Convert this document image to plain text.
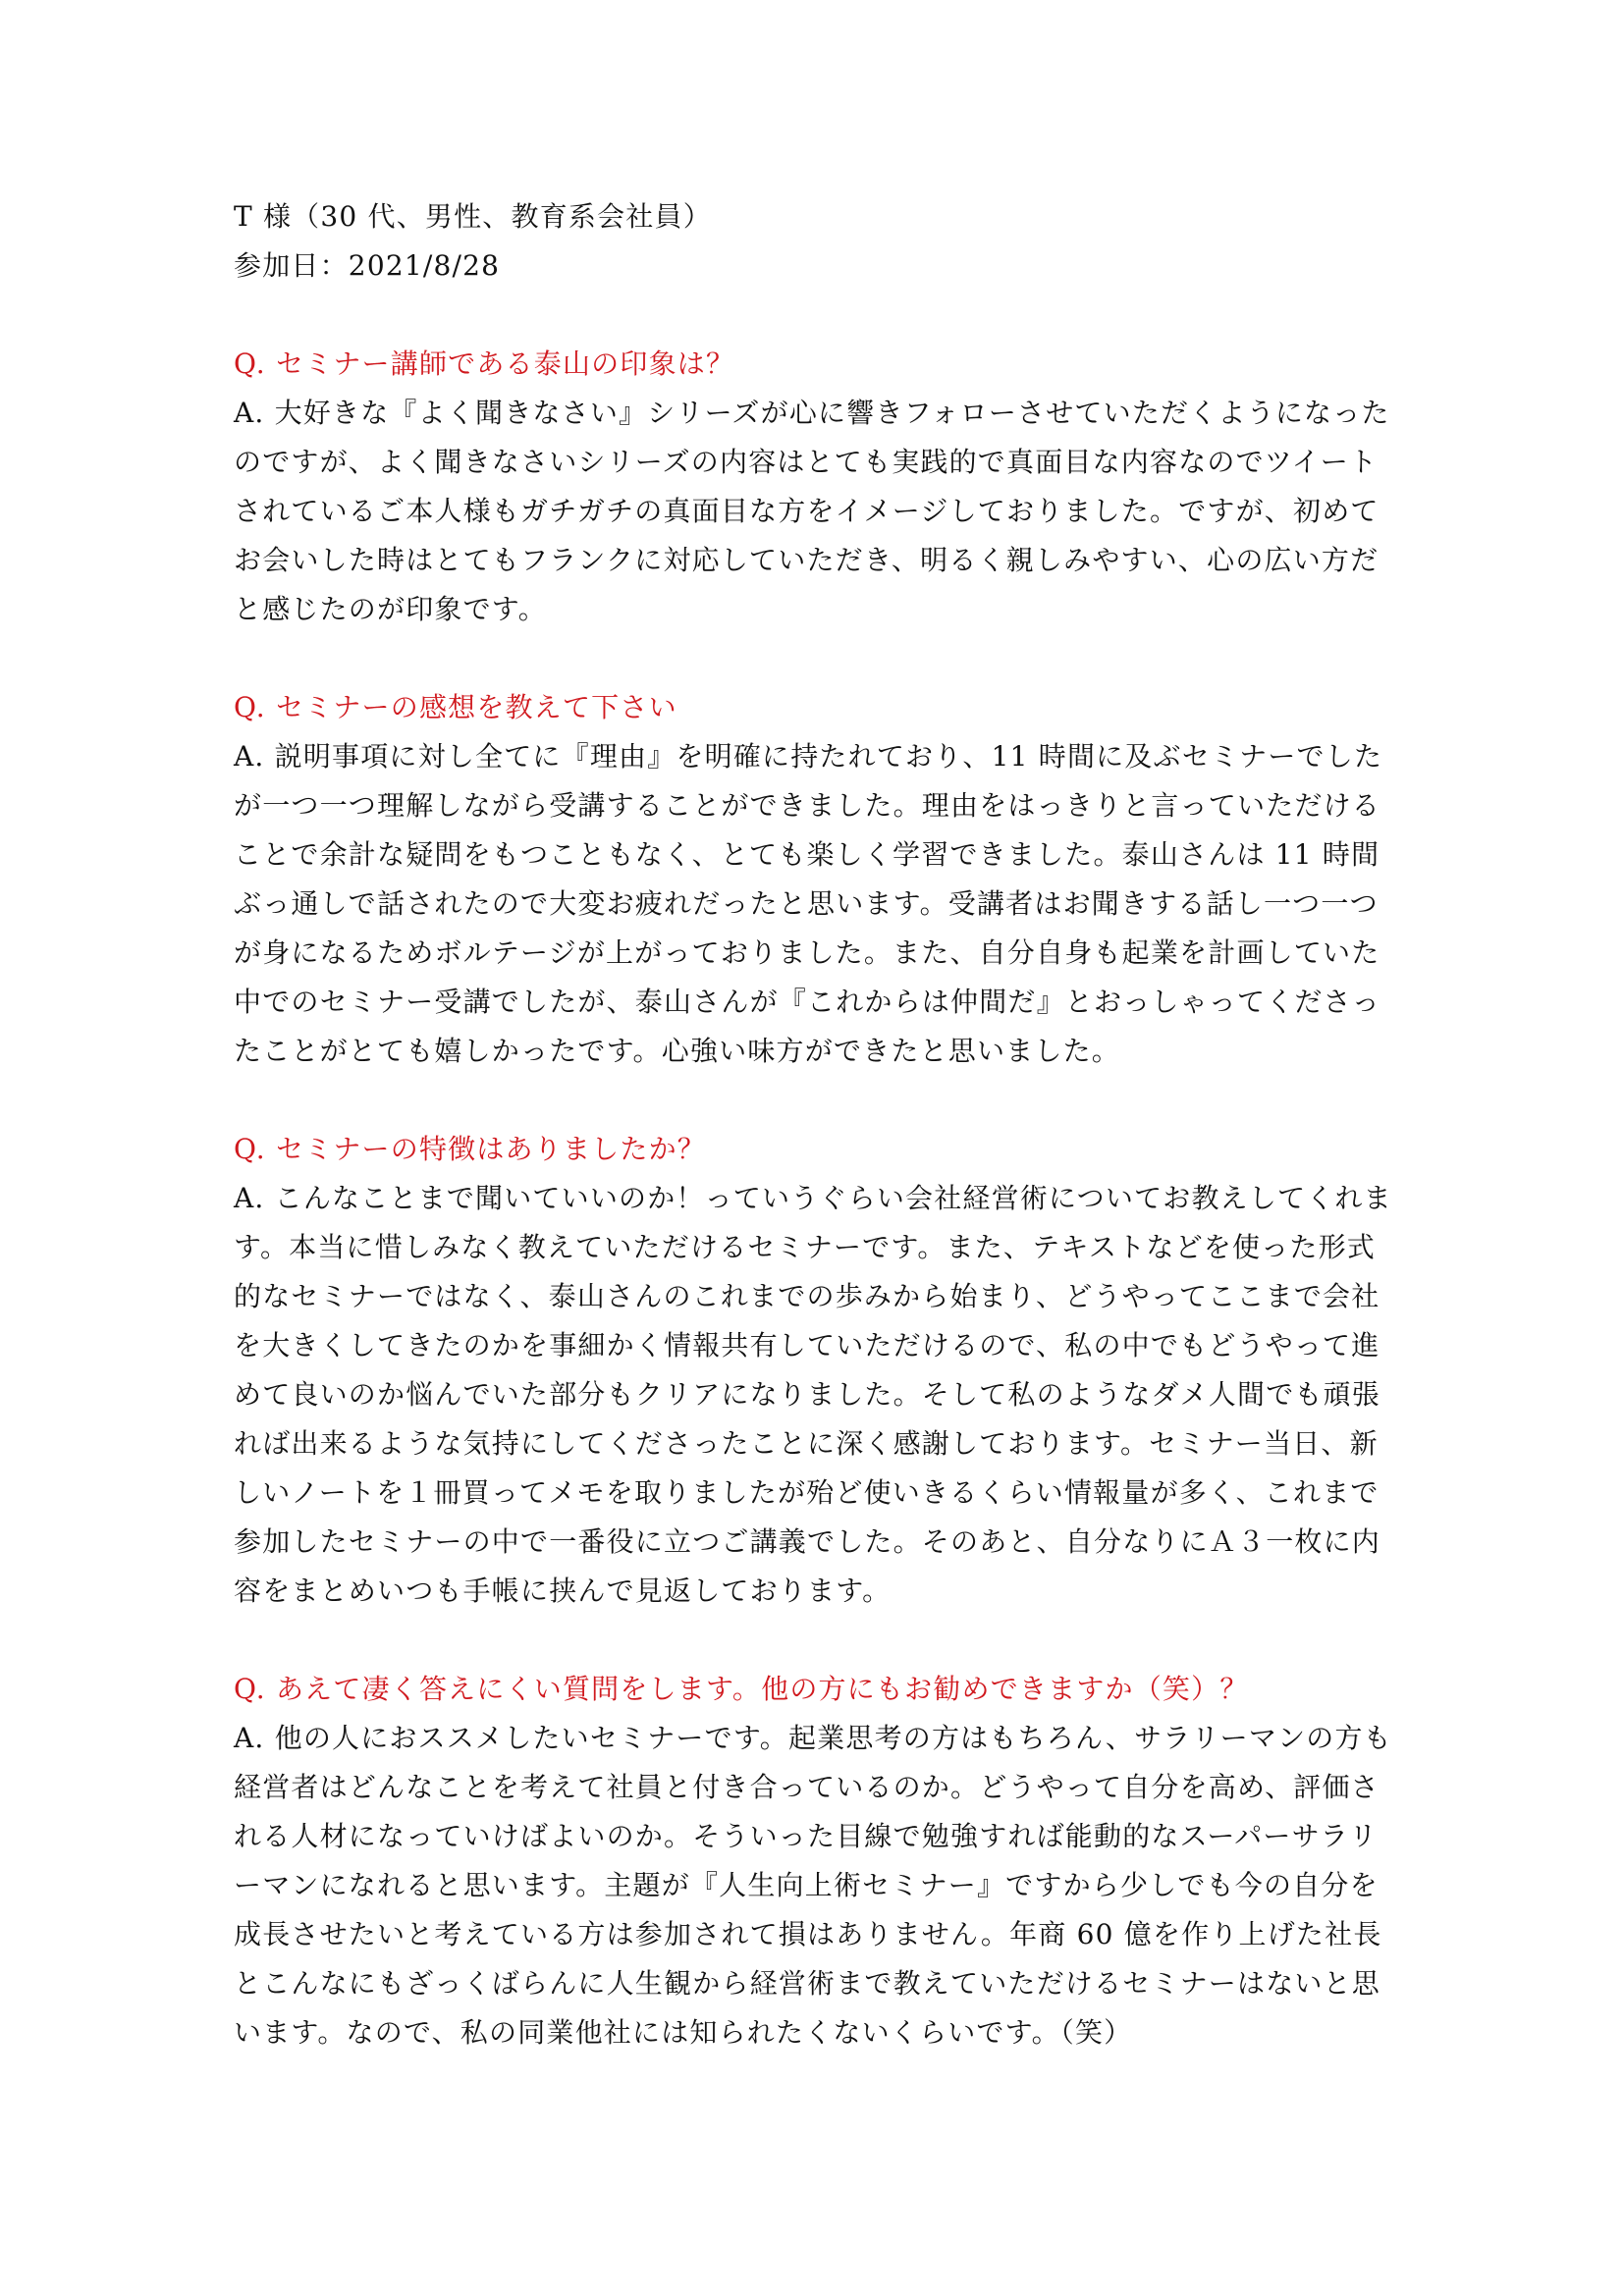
T 様（30 代、男性、教育系会社員）

参加日：2021/8/28

Q. セミナー講師である泰山の印象は？

A. 大好きな『よく聞きなさい』シリーズが心に響きフォローさせていただくようになった

のですが、よく聞きなさいシリーズの内容はとても実践的で真面目な内容なのでツイート

されているご本人様もガチガチの真面目な方をイメージしておりました。ですが、初めて

お会いした時はとてもフランクに対応していただき、明るく親しみやすい、心の広い方だ

と感じたのが印象です。

Q. セミナーの感想を教えて下さい

A. 説明事項に対し全てに『理由』を明確に持たれており、11 時間に及ぶセミナーでした

が一つ一つ理解しながら受講することができました。理由をはっきりと言っていただける

ことで余計な疑問をもつこともなく、とても楽しく学習できました。泰山さんは 11 時間

ぶっ通しで話されたので大変お疲れだったと思います。受講者はお聞きする話し一つ一つ

が身になるためボルテージが上がっておりました。また、自分自身も起業を計画していた

中でのセミナー受講でしたが、泰山さんが『これからは仲間だ』とおっしゃってくださっ

たことがとても嬉しかったです。心強い味方ができたと思いました。

Q. セミナーの特徴はありましたか？

A. こんなことまで聞いていいのか！っていうぐらい会社経営術についてお教えしてくれま

す。本当に惜しみなく教えていただけるセミナーです。また、テキストなどを使った形式

的なセミナーではなく、泰山さんのこれまでの歩みから始まり、どうやってここまで会社

を大きくしてきたのかを事細かく情報共有していただけるので、私の中でもどうやって進

めて良いのか悩んでいた部分もクリアになりました。そして私のようなダメ人間でも頑張

れば出来るような気持にしてくださったことに深く感謝しております。セミナー当日、新

しいノートを１冊買ってメモを取りましたが殆ど使いきるくらい情報量が多く、これまで

参加したセミナーの中で一番役に立つご講義でした。そのあと、自分なりにＡ３一枚に内

容をまとめいつも手帳に挟んで見返しております。

Q. あえて凄く答えにくい質問をします。他の方にもお勧めできますか（笑）？

A. 他の人におススメしたいセミナーです。起業思考の方はもちろん、サラリーマンの方も

経営者はどんなことを考えて社員と付き合っているのか。どうやって自分を高め、評価さ

れる人材になっていけばよいのか。そういった目線で勉強すれば能動的なスーパーサラリ

ーマンになれると思います。主題が『人生向上術セミナー』ですから少しでも今の自分を

成長させたいと考えている方は参加されて損はありません。年商 60 億を作り上げた社長

とこんなにもざっくばらんに人生観から経営術まで教えていただけるセミナーはないと思

います。なので、私の同業他社には知られたくないくらいです。（笑）
